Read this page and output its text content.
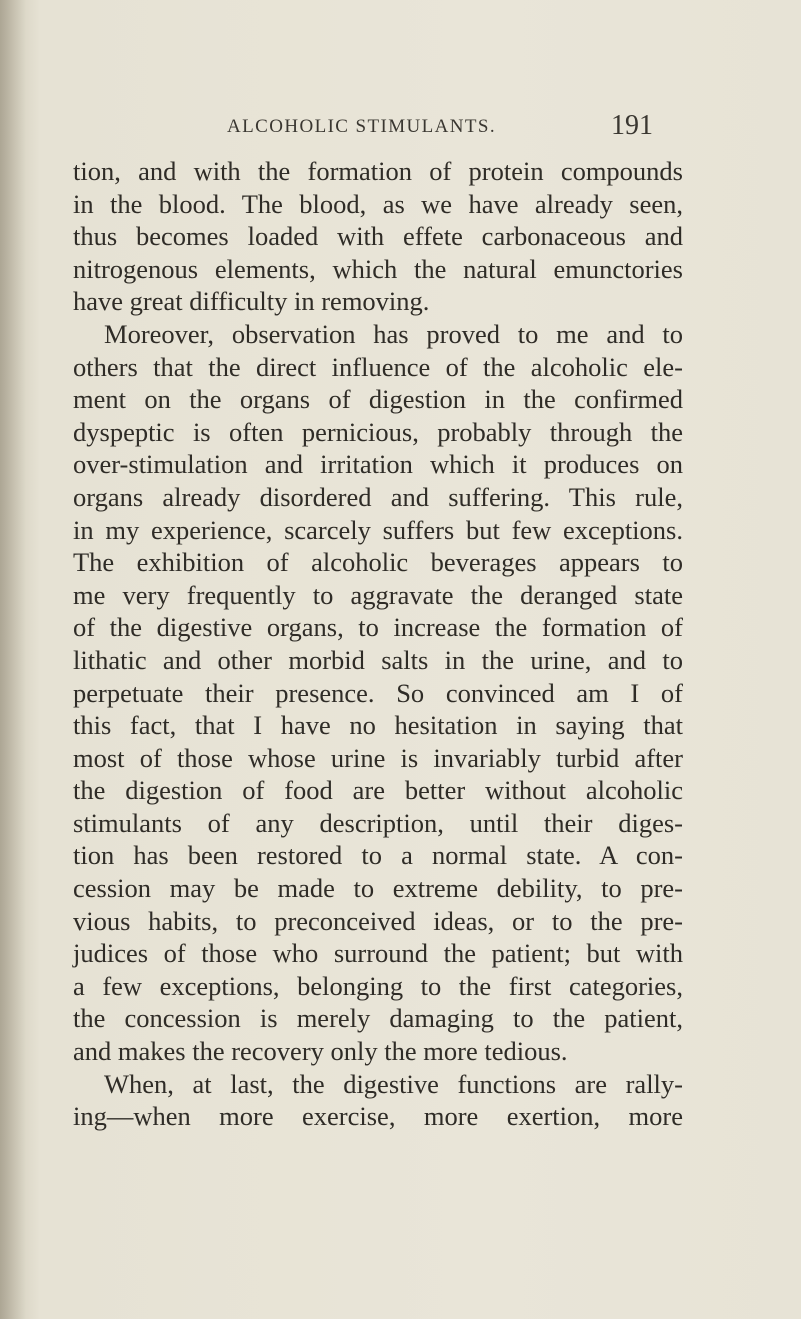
ALCOHOLIC STIMULANTS.	191
tion, and with the formation of protein compounds
in the blood. The blood, as we have already seen,
thus becomes loaded with effete carbonaceous and
nitrogenous elements, which the natural emunctories
have great difficulty in removing.
Moreover, observation has proved to me and to
others that the direct influence of the alcoholic ele-
ment on the organs of digestion in the confirmed
dyspeptic is often pernicious, probably through the
over-stimulation and irritation which it produces on
organs already disordered and suffering. This rule,
in my experience, scarcely suffers but few exceptions.
The exhibition of alcoholic beverages appears to
me very frequently to aggravate the deranged state
of the digestive organs, to increase the formation of
lithatic and other morbid salts in the urine, and to
perpetuate their presence. So convinced am I of
this fact, that I have no hesitation in saying that
most of those whose urine is invariably turbid after
the digestion of food are better without alcoholic
stimulants of any description, until their diges-
tion has been restored to a normal state. A con-
cession may be made to extreme debility, to pre-
vious habits, to preconceived ideas, or to the pre-
judices of those who surround the patient; but with
a few exceptions, belonging to the first categories,
the concession is merely damaging to the patient,
and makes the recovery only the more tedious.
When, at last, the digestive functions are rally-
ing—when more exercise, more exertion, more
